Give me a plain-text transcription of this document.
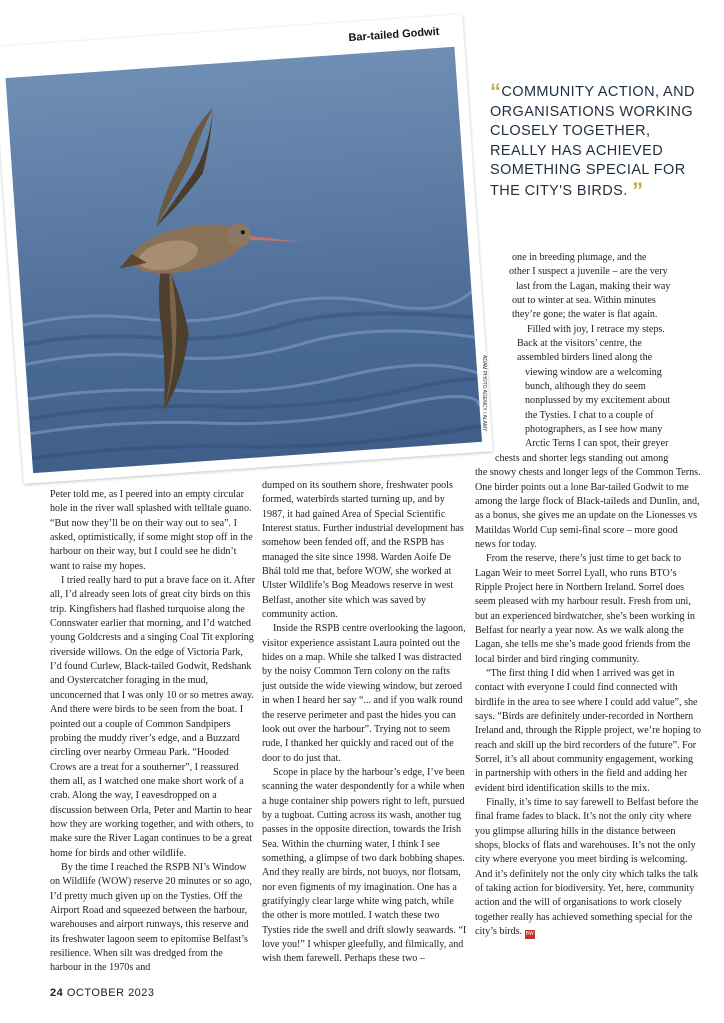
Bar-tailed Godwit
ADAM PHOTO AGENCY / ALAMY
“COMMUNITY ACTION, AND ORGANISATIONS WORKING CLOSELY TOGETHER, REALLY HAS ACHIEVED SOMETHING SPECIAL FOR THE CITY'S BIRDS. ”

Peter told me, as I peered into an empty circular hole in the river wall splashed with telltale guano. “But now they’ll be on their way out to sea”. I asked, optimistically, if some might stop off in the harbour on their way, but I could see he didn’t want to raise my hopes.

I tried really hard to put a brave face on it. After all, I’d already seen lots of great city birds on this trip. Kingfishers had flashed turquoise along the Connswater earlier that morning, and I’d watched young Goldcrests and a singing Coal Tit exploring riverside willows. On the edge of Victoria Park, I’d found Curlew, Black-tailed Godwit, Redshank and Oystercatcher foraging in the mud, unconcerned that I was only 10 or so metres away. And there were birds to be seen from the boat. I pointed out a couple of Common Sandpipers probing the muddy river’s edge, and a Buzzard circling over nearby Ormeau Park. “Hooded Crows are a treat for a southerner”, I reassured them all, as I watched one make short work of a crab. Along the way, I eavesdropped on a discussion between Orla, Peter and Martin to hear how they are working together, and with others, to make sure the River Lagan continues to be a great home for birds and other wildlife.

By the time I reached the RSPB NI’s Window on Wildlife (WOW) reserve 20 minutes or so ago, I’d pretty much given up on the Tysties. Off the Airport Road and squeezed between the harbour, warehouses and airport runways, this reserve and its freshwater lagoon seem to epitomise Belfast’s resilience. When silt was dredged from the harbour in the 1970s and

dumped on its southern shore, freshwater pools formed, waterbirds started turning up, and by 1987, it had gained Area of Special Scientific Interest status. Further industrial development has somehow been fended off, and the RSPB has managed the site since 1998. Warden Aoife De Bhál told me that, before WOW, she worked at Ulster Wildlife’s Bog Meadows reserve in west Belfast, another site which was saved by community action.

Inside the RSPB centre overlooking the lagoon, visitor experience assistant Laura pointed out the hides on a map. While she talked I was distracted by the noisy Common Tern colony on the rafts just outside the wide viewing window, but zeroed in when I heard her say “... and if you walk round the reserve perimeter and past the hides you can look out over the harbour”. Trying not to seem rude, I thanked her quickly and raced out of the door to do just that.

Scope in place by the harbour’s edge, I’ve been scanning the water despondently for a while when a huge container ship powers right to left, pursued by a tugboat. Cutting across its wash, another tug passes in the opposite direction, towards the Irish Sea. Within the churning water, I think I see something, a glimpse of two dark bobbing shapes. And they really are birds, not buoys, nor flotsam, nor even figments of my imagination. One has a gratifyingly clear large white wing patch, while the other is more mottled. I watch these two Tysties ride the swell and drift slowly seawards. “I love you!” I whisper gleefully, and filmically, and wish them farewell. Perhaps these two –

one in breeding plumage, and the
other I suspect a juvenile – are the very
last from the Lagan, making their way
out to winter at sea. Within minutes
they’re gone; the water is flat again.
Filled with joy, I retrace my steps.
Back at the visitors’ centre, the
assembled birders lined along the
viewing window are a welcoming
bunch, although they do seem
nonplussed by my excitement about
the Tysties. I chat to a couple of
photographers, as I see how many
Arctic Terns I can spot, their greyer
chests and shorter legs standing out among

the snowy chests and longer legs of the Common Terns. One birder points out a lone Bar-tailed Godwit to me among the large flock of Black-taileds and Dunlin, and, as a bonus, she gives me an update on the Lionesses vs Matildas World Cup semi-final score – more good news for today.

From the reserve, there’s just time to get back to Lagan Weir to meet Sorrel Lyall, who runs BTO’s Ripple Project here in Northern Ireland. Sorrel does seem pleased with my harbour result. Fresh from uni, but an experienced birdwatcher, she’s been working in Belfast for nearly a year now. As we walk along the Lagan, she tells me she’s made good friends from the local birder and bird ringing community.

“The first thing I did when I arrived was get in contact with everyone I could find connected with birdlife in the area to see where I could add value”, she says. “Birds are definitely under-recorded in Northern Ireland and, through the Ripple project, we’re hoping to reach and skill up the bird recorders of the future”. For Sorrel, it’s all about community engagement, working in partnership with others in the field and adding her evident bird identification skills to the mix.

Finally, it’s time to say farewell to Belfast before the final frame fades to black. It’s not the only city where you glimpse alluring hills in the distance between shops, blocks of flats and warehouses. It’s not the only city where everyone you meet birding is welcoming. And it’s definitely not the only city which talks the talk of taking action for biodiversity. Yet, here, community action and the will of organisations to work closely together really has achieved something special for the city’s birds. BW

24 OCTOBER 2023
